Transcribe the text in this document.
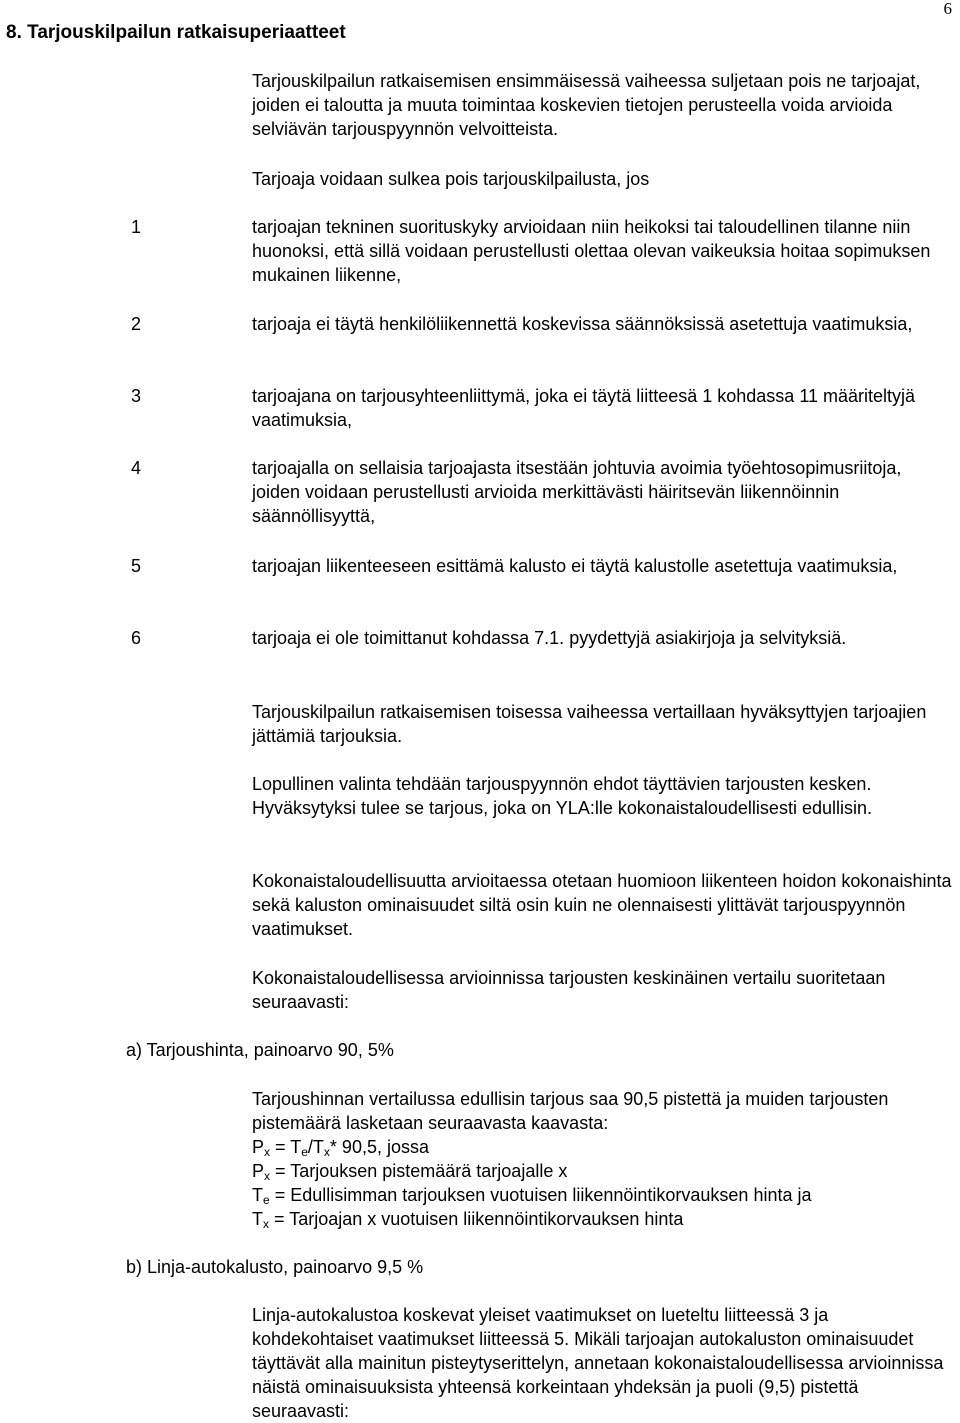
6
8. Tarjouskilpailun ratkaisuperiaatteet

Tarjouskilpailun ratkaisemisen ensimmäisessä vaiheessa suljetaan pois ne tarjoajat, joiden ei taloutta ja muuta toimintaa koskevien tietojen perusteella voida arvioida selviävän tarjouspyynnön velvoitteista.

Tarjoaja voidaan sulkea pois tarjouskilpailusta, jos

1	tarjoajan tekninen suorituskyky arvioidaan niin heikoksi tai taloudellinen tilanne niin huonoksi, että sillä voidaan perustellusti olettaa olevan vaikeuksia hoitaa sopimuksen mukainen liikenne,

2	tarjoaja ei täytä henkilöliikennettä koskevissa säännöksissä asetettuja vaatimuksia,

3	tarjoajana on tarjousyhteenliittymä, joka ei täytä liitteesä 1 kohdassa 11 määriteltyjä vaatimuksia,

4	tarjoajalla on sellaisia tarjoajasta itsestään johtuvia avoimia työehtosopimusriitoja, joiden voidaan perustellusti arvioida merkittävästi häiritsevän liikennöinnin säännöllisyyttä,

5	tarjoajan liikenteeseen esittämä kalusto ei täytä kalustolle asetettuja vaatimuksia,

6	tarjoaja ei ole toimittanut kohdassa 7.1. pyydettyjä asiakirjoja ja selvityksiä.

Tarjouskilpailun ratkaisemisen toisessa vaiheessa vertaillaan hyväksyttyjen tarjoajien jättämiä tarjouksia.

Lopullinen valinta tehdään tarjouspyynnön ehdot täyttävien tarjousten kesken. Hyväksytyksi tulee se tarjous, joka on YLA:lle kokonaistaloudellisesti edullisin.

Kokonaistaloudellisuutta arvioitaessa otetaan huomioon liikenteen hoidon kokonaishinta sekä kaluston ominaisuudet siltä osin kuin ne olennaisesti ylittävät tarjouspyynnön vaatimukset.

Kokonaistaloudellisessa arvioinnissa tarjousten keskinäinen vertailu suoritetaan seuraavasti:

a) Tarjoushinta, painoarvo 90, 5%

Tarjoushinnan vertailussa edullisin tarjous saa 90,5 pistettä ja muiden tarjousten pistemäärä lasketaan seuraavasta kaavasta:

$P_x = T_e/T_x*$ 90,5, jossa
$P_x$ = Tarjouksen pistemäärä tarjoajalle x
$T_e$ = Edullisimman tarjouksen vuotuisen liikennöintikorvauksen hinta ja
$T_x$ = Tarjoajan x vuotuisen liikennöintikorvauksen hinta
b) Linja-autokalusto, painoarvo 9,5 %

Linja-autokalustoa koskevat yleiset vaatimukset on lueteltu liitteessä 3 ja kohdekohtaiset vaatimukset liitteessä 5. Mikäli tarjoajan autokaluston ominaisuudet täyttävät alla mainitun pisteytyserittelyn, annetaan kokonaistaloudellisessa arvioinnissa näistä ominaisuuksista yhteensä korkeintaan yhdeksän ja puoli (9,5) pistettä seuraavasti:
